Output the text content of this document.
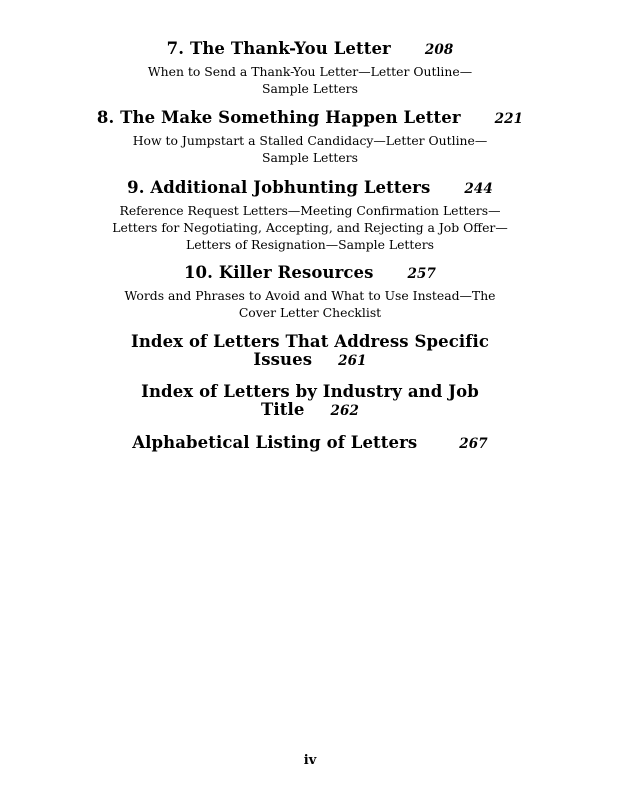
7. The Thank-You Letter	208
When to Send a Thank-You Letter—Letter Outline—
Sample Letters
8. The Make Something Happen Letter	221
How to Jumpstart a Stalled Candidacy—Letter Outline—
Sample Letters
9. Additional Jobhunting Letters	244
Reference Request Letters—Meeting Confirmation Letters—
Letters for Negotiating, Accepting, and Rejecting a Job Offer—
Letters of Resignation—Sample Letters
10. Killer Resources	257
Words and Phrases to Avoid and What to Use Instead—The
Cover Letter Checklist
Index of Letters That Address Specific Issues 261
Index of Letters by Industry and Job Title 262
Alphabetical Listing of Letters	267
iv
